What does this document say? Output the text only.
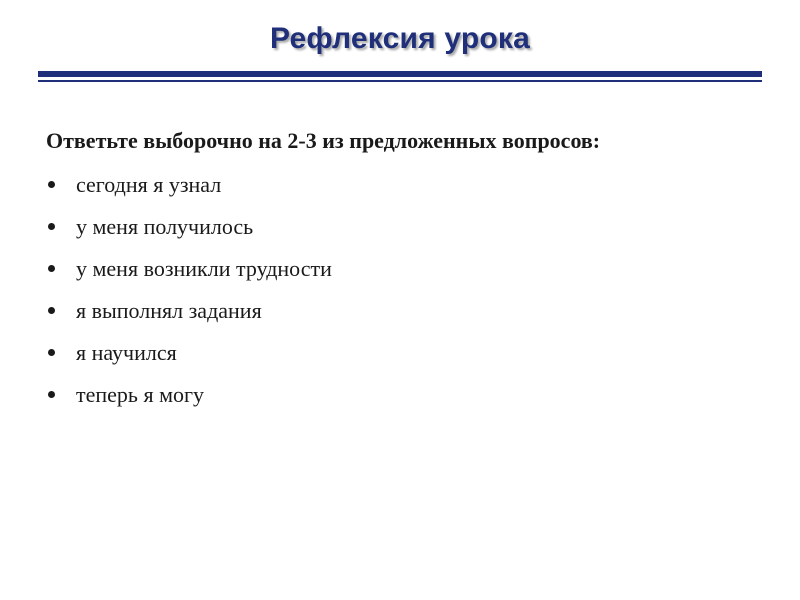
Рефлексия урока
Ответьте выборочно на 2-3 из предложенных вопросов:
сегодня я узнал
у меня получилось
у меня возникли трудности
я выполнял задания
я научился
теперь я могу
